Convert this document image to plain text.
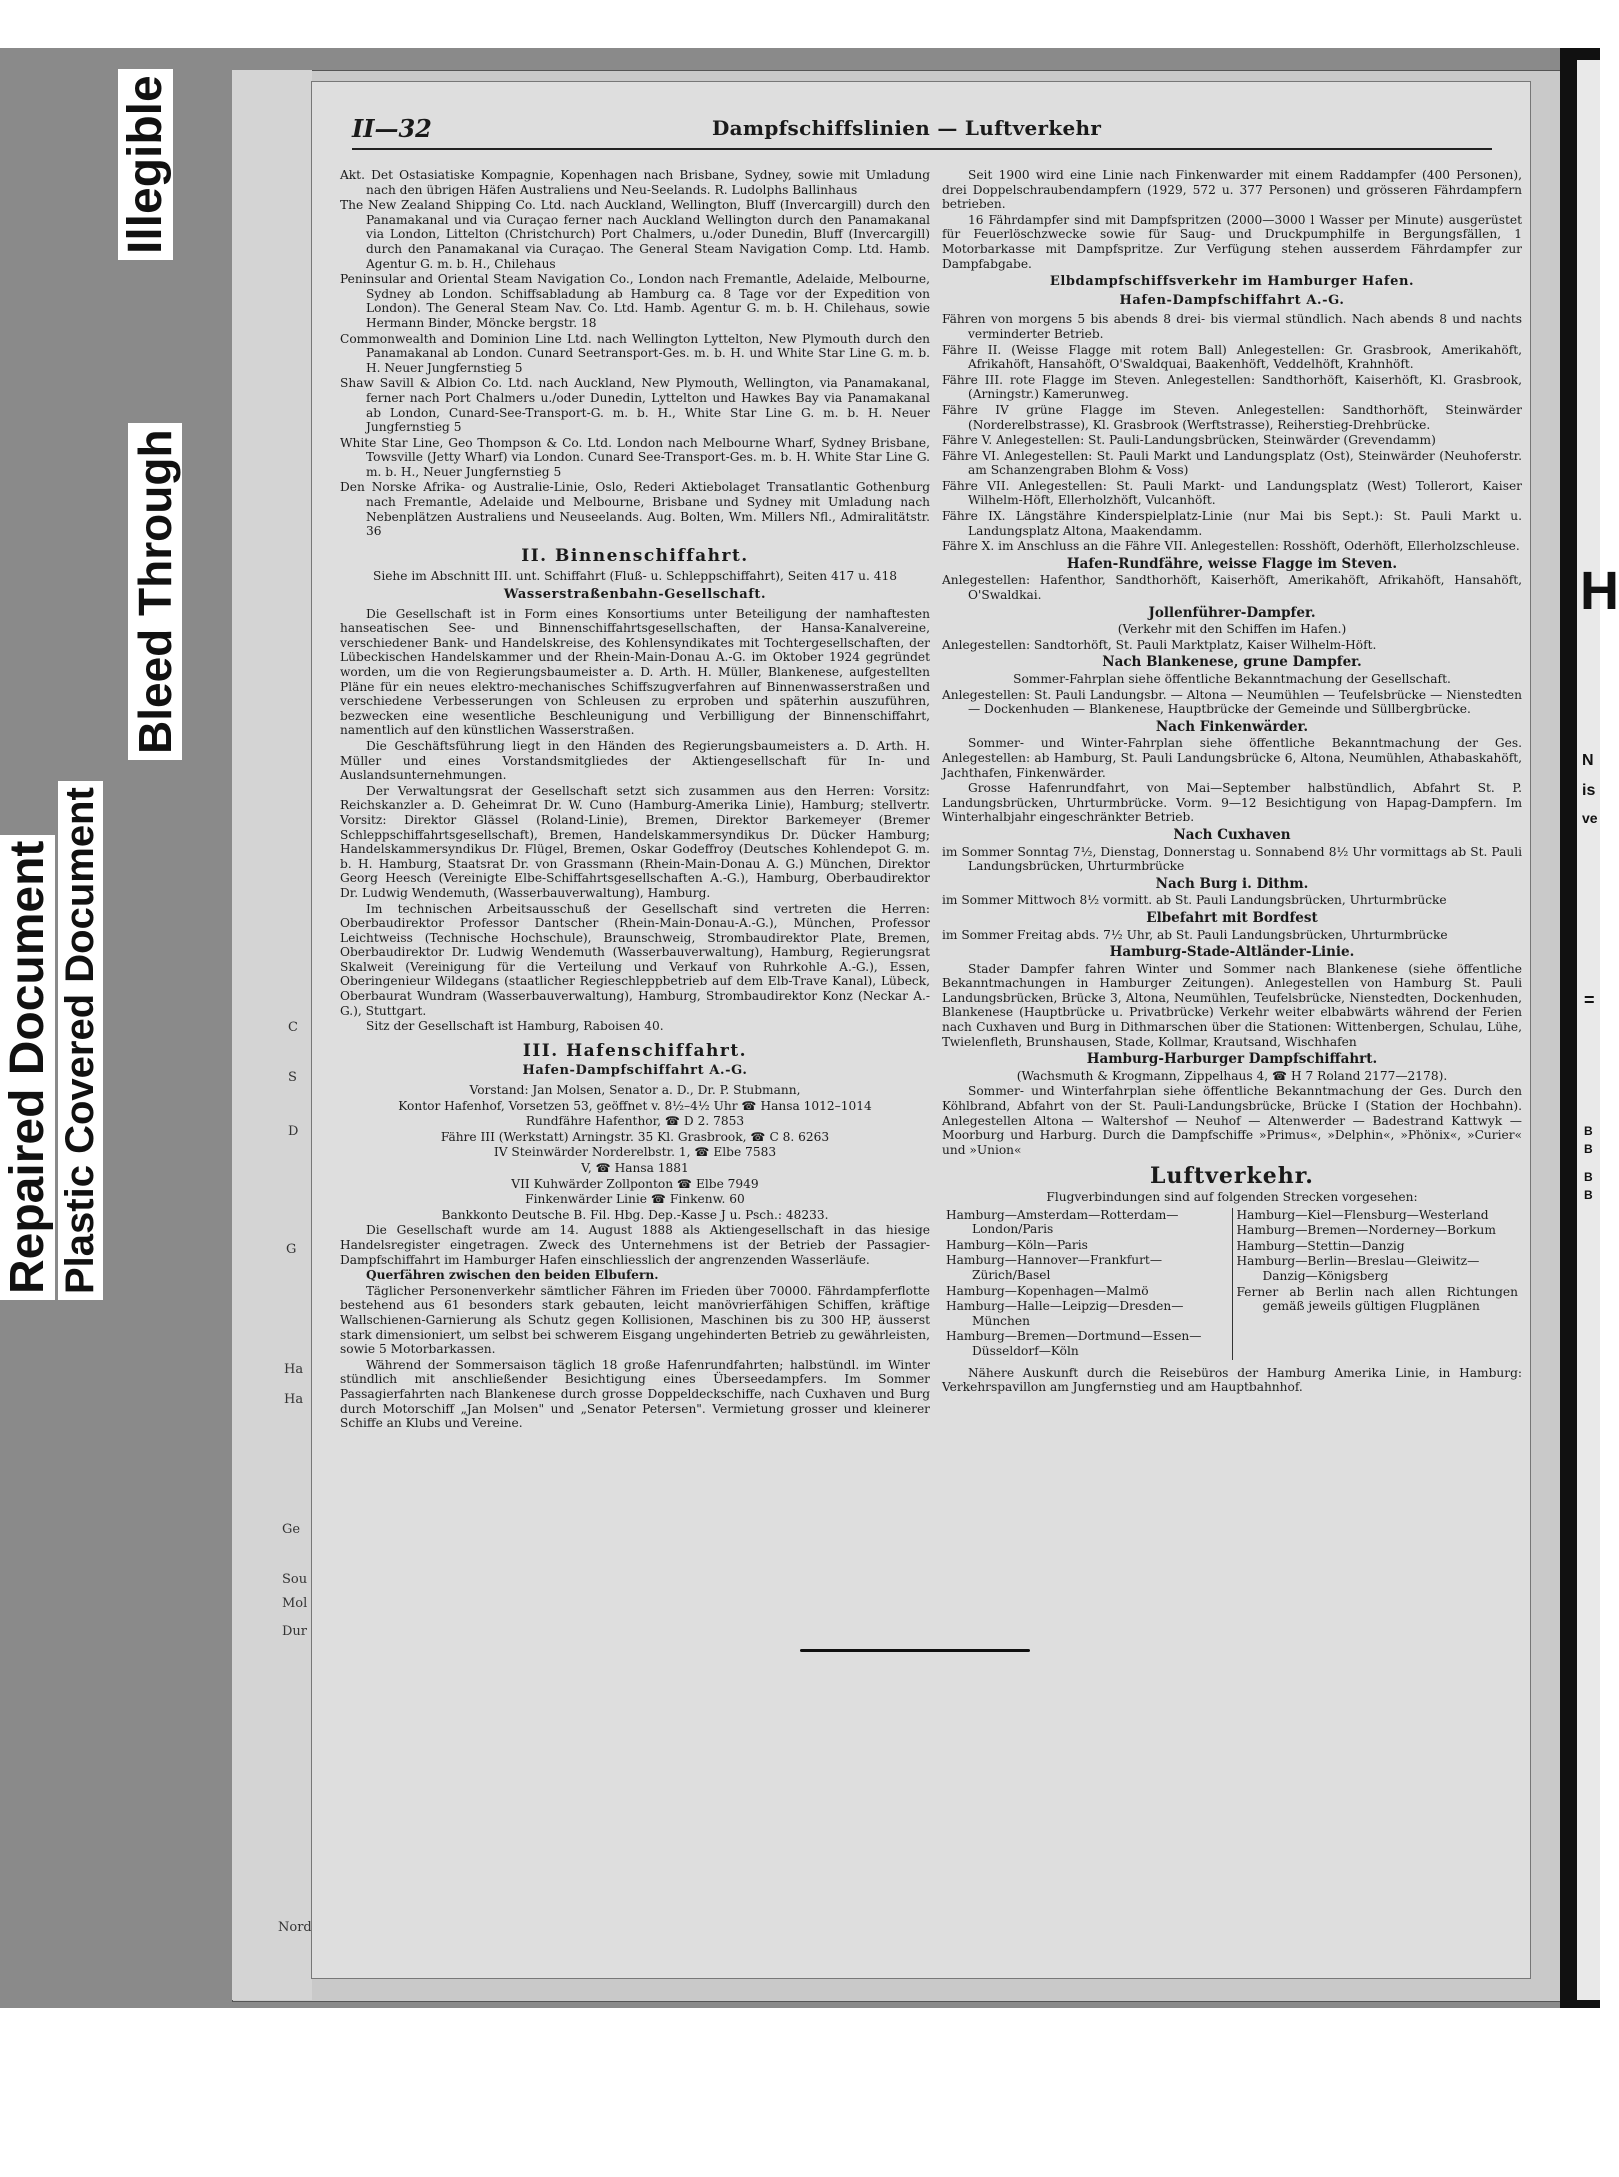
C
S
D
G
Ha
Ha
Ge
Sou
Mol
Dur
Nord
H
N
is
ve
=
B
B
B
B
Illegible
Bleed Through
Repaired Document Plastic Covered Document
II—32	Dampfschiffslinien — Luftverkehr

Akt. Det Ostasiatiske Kompagnie, Kopenhagen nach Brisbane, Sydney, sowie mit Umladung nach den übrigen Häfen Australiens und Neu-Seelands. R. Ludolphs Ballinhaus

The New Zealand Shipping Co. Ltd. nach Auckland, Wellington, Bluff (Invercargill) durch den Panamakanal und via Curaçao ferner nach Auckland Wellington durch den Panamakanal via London, Littelton (Christchurch) Port Chalmers, u./oder Dunedin, Bluff (Invercargill) durch den Panamakanal via Curaçao. The General Steam Navigation Comp. Ltd. Hamb. Agentur G. m. b. H., Chilehaus

Peninsular and Oriental Steam Navigation Co., London nach Fremantle, Adelaide, Melbourne, Sydney ab London. Schiffsabladung ab Hamburg ca. 8 Tage vor der Expedition von London). The General Steam Nav. Co. Ltd. Hamb. Agentur G. m. b. H. Chilehaus, sowie Hermann Binder, Möncke bergstr. 18

Commonwealth and Dominion Line Ltd. nach Wellington Lyttelton, New Plymouth durch den Panamakanal ab London. Cunard Seetransport-Ges. m. b. H. und White Star Line G. m. b. H. Neuer Jungfernstieg 5

Shaw Savill & Albion Co. Ltd. nach Auckland, New Plymouth, Wellington, via Panamakanal, ferner nach Port Chalmers u./oder Dunedin, Lyttelton und Hawkes Bay via Panamakanal ab London, Cunard-See-Transport-G. m. b. H., White Star Line G. m. b. H. Neuer Jungfernstieg 5

White Star Line, Geo Thompson & Co. Ltd. London nach Melbourne Wharf, Sydney Brisbane, Towsville (Jetty Wharf) via London. Cunard See-Transport-Ges. m. b. H. White Star Line G. m. b. H., Neuer Jungfernstieg 5

Den Norske Afrika- og Australie-Linie, Oslo, Rederi Aktiebolaget Transatlantic Gothenburg nach Fremantle, Adelaide und Melbourne, Brisbane und Sydney mit Umladung nach Nebenplätzen Australiens und Neuseelands. Aug. Bolten, Wm. Millers Nfl., Admiralitätstr. 36

II. Binnenschiffahrt.

Siehe im Abschnitt III. unt. Schiffahrt (Fluß- u. Schleppschiffahrt), Seiten 417 u. 418

Wasserstraßenbahn-Gesellschaft.

Die Gesellschaft ist in Form eines Konsortiums unter Beteiligung der namhaftesten hanseatischen See- und Binnenschiffahrtsgesellschaften, der Hansa-Kanalvereine, verschiedener Bank- und Handelskreise, des Kohlensyndikates mit Tochtergesellschaften, der Lübeckischen Handelskammer und der Rhein-Main-Donau A.-G. im Oktober 1924 gegründet worden, um die von Regierungsbaumeister a. D. Arth. H. Müller, Blankenese, aufgestellten Pläne für ein neues elektro-mechanisches Schiffszugverfahren auf Binnenwasserstraßen und verschiedene Verbesserungen von Schleusen zu erproben und späterhin auszuführen, bezwecken eine wesentliche Beschleunigung und Verbilligung der Binnenschiffahrt, namentlich auf den künstlichen Wasserstraßen.

Die Geschäftsführung liegt in den Händen des Regierungsbaumeisters a. D. Arth. H. Müller und eines Vorstandsmitgliedes der Aktiengesellschaft für In- und Auslandsunternehmungen.

Der Verwaltungsrat der Gesellschaft setzt sich zusammen aus den Herren: Vorsitz: Reichskanzler a. D. Geheimrat Dr. W. Cuno (Hamburg-Amerika Linie), Hamburg; stellvertr. Vorsitz: Direktor Glässel (Roland-Linie), Bremen, Direktor Barkemeyer (Bremer Schleppschiffahrtsgesellschaft), Bremen, Handelskammersyndikus Dr. Dücker Hamburg; Handelskammersyndikus Dr. Flügel, Bremen, Oskar Godeffroy (Deutsches Kohlendepot G. m. b. H. Hamburg, Staatsrat Dr. von Grassmann (Rhein-Main-Donau A. G.) München, Direktor Georg Heesch (Vereinigte Elbe-Schiffahrtsgesellschaften A.-G.), Hamburg, Oberbaudirektor Dr. Ludwig Wendemuth, (Wasserbauverwaltung), Hamburg.

Im technischen Arbeitsausschuß der Gesellschaft sind vertreten die Herren: Oberbaudirektor Professor Dantscher (Rhein-Main-Donau-A.-G.), München, Professor Leichtweiss (Technische Hochschule), Braunschweig, Strombaudirektor Plate, Bremen, Oberbaudirektor Dr. Ludwig Wendemuth (Wasserbauverwaltung), Hamburg, Regierungsrat Skalweit (Vereinigung für die Verteilung und Verkauf von Ruhrkohle A.-G.), Essen, Oberingenieur Wildegans (staatlicher Regieschleppbetrieb auf dem Elb-Trave Kanal), Lübeck, Oberbaurat Wundram (Wasserbauverwaltung), Hamburg, Strombaudirektor Konz (Neckar A.-G.), Stuttgart.

Sitz der Gesellschaft ist Hamburg, Raboisen 40.

III. Hafenschiffahrt.
Hafen-Dampfschiffahrt A.-G.

Vorstand: Jan Molsen, Senator a. D., Dr. P. Stubmann,

Kontor Hafenhof, Vorsetzen 53, geöffnet v. 8½–4½ Uhr ☎ Hansa 1012–1014

Rundfähre Hafenthor, ☎ D 2. 7853

Fähre III (Werkstatt) Arningstr. 35 Kl. Grasbrook, ☎ C 8. 6263

IV Steinwärder Norderelbstr. 1, ☎ Elbe 7583

V, ☎ Hansa 1881

VII Kuhwärder Zollponton ☎ Elbe 7949

Finkenwärder Linie ☎ Finkenw. 60

Bankkonto Deutsche B. Fil. Hbg. Dep.-Kasse J u. Psch.: 48233.

Die Gesellschaft wurde am 14. August 1888 als Aktiengesellschaft in das hiesige Handelsregister eingetragen. Zweck des Unternehmens ist der Betrieb der Passagier-Dampfschiffahrt im Hamburger Hafen einschliesslich der angrenzenden Wasserläufe.

Querfähren zwischen den beiden Elbufern.

Täglicher Personenverkehr sämtlicher Fähren im Frieden über 70000. Fährdampferflotte bestehend aus 61 besonders stark gebauten, leicht manövrierfähigen Schiffen, kräftige Wallschienen-Garnierung als Schutz gegen Kollisionen, Maschinen bis zu 300 HP, äusserst stark dimensioniert, um selbst bei schwerem Eisgang ungehinderten Betrieb zu gewährleisten, sowie 5 Motorbarkassen.

Während der Sommersaison täglich 18 große Hafenrundfahrten; halbstündl. im Winter stündlich mit anschließender Besichtigung eines Überseedampfers. Im Sommer Passagierfahrten nach Blankenese durch grosse Doppeldeckschiffe, nach Cuxhaven und Burg durch Motorschiff „Jan Molsen" und „Senator Petersen". Vermietung grosser und kleinerer Schiffe an Klubs und Vereine.

Seit 1900 wird eine Linie nach Finkenwarder mit einem Raddampfer (400 Personen), drei Doppelschraubendampfern (1929, 572 u. 377 Personen) und grösseren Fährdampfern betrieben.

16 Fährdampfer sind mit Dampfspritzen (2000—3000 l Wasser per Minute) ausgerüstet für Feuerlöschzwecke sowie für Saug- und Druckpumphilfe in Bergungsfällen, 1 Motorbarkasse mit Dampfspritze. Zur Verfügung stehen ausserdem Fährdampfer zur Dampfabgabe.

Elbdampfschiffsverkehr im Hamburger Hafen.
Hafen-Dampfschiffahrt A.-G.

Fähren von morgens 5 bis abends 8 drei- bis viermal stündlich. Nach abends 8 und nachts verminderter Betrieb.

Fähre II. (Weisse Flagge mit rotem Ball) Anlegestellen: Gr. Grasbrook, Amerikahöft, Afrikahöft, Hansahöft, O'Swaldquai, Baakenhöft, Veddelhöft, Krahnhöft.

Fähre III. rote Flagge im Steven. Anlegestellen: Sandthorhöft, Kaiserhöft, Kl. Grasbrook, (Arningstr.) Kamerunweg.

Fähre IV grüne Flagge im Steven. Anlegestellen: Sandthorhöft, Steinwärder (Norderelbstrasse), Kl. Grasbrook (Werftstrasse), Reiherstieg-Drehbrücke.

Fähre V. Anlegestellen: St. Pauli-Landungsbrücken, Steinwärder (Grevendamm)

Fähre VI. Anlegestellen: St. Pauli Markt und Landungsplatz (Ost), Steinwärder (Neuhoferstr. am Schanzengraben Blohm & Voss)

Fähre VII. Anlegestellen: St. Pauli Markt- und Landungsplatz (West) Tollerort, Kaiser Wilhelm-Höft, Ellerholzhöft, Vulcanhöft.

Fähre IX. Längstähre Kinderspielplatz-Linie (nur Mai bis Sept.): St. Pauli Markt u. Landungsplatz Altona, Maakendamm.

Fähre X. im Anschluss an die Fähre VII. Anlegestellen: Rosshöft, Oderhöft, Ellerholzschleuse.

Hafen-Rundfähre, weisse Flagge im Steven.

Anlegestellen: Hafenthor, Sandthorhöft, Kaiserhöft, Amerikahöft, Afrikahöft, Hansahöft, O'Swaldkai.

Jollenführer-Dampfer.

(Verkehr mit den Schiffen im Hafen.)

Anlegestellen: Sandtorhöft, St. Pauli Marktplatz, Kaiser Wilhelm-Höft.

Nach Blankenese, grune Dampfer.

Sommer-Fahrplan siehe öffentliche Bekanntmachung der Gesellschaft.

Anlegestellen: St. Pauli Landungsbr. — Altona — Neumühlen — Teufelsbrücke — Nienstedten — Dockenhuden — Blankenese, Hauptbrücke der Gemeinde und Süllbergbrücke.

Nach Finkenwärder.

Sommer- und Winter-Fahrplan siehe öffentliche Bekanntmachung der Ges. Anlegestellen: ab Hamburg, St. Pauli Landungsbrücke 6, Altona, Neumühlen, Athabaskahöft, Jachthafen, Finkenwärder.

Grosse Hafenrundfahrt, von Mai—September halbstündlich, Abfahrt St. P. Landungsbrücken, Uhrturmbrücke. Vorm. 9—12 Besichtigung von Hapag-Dampfern. Im Winterhalbjahr eingeschränkter Betrieb.

Nach Cuxhaven

im Sommer Sonntag 7½, Dienstag, Donnerstag u. Sonnabend 8½ Uhr vormittags ab St. Pauli Landungsbrücken, Uhrturmbrücke

Nach Burg i. Dithm.

im Sommer Mittwoch 8½ vormitt. ab St. Pauli Landungsbrücken, Uhrturmbrücke

Elbefahrt mit Bordfest

im Sommer Freitag abds. 7½ Uhr, ab St. Pauli Landungsbrücken, Uhrturmbrücke

Hamburg-Stade-Altländer-Linie.

Stader Dampfer fahren Winter und Sommer nach Blankenese (siehe öffentliche Bekanntmachungen in Hamburger Zeitungen). Anlegestellen von Hamburg St. Pauli Landungsbrücken, Brücke 3, Altona, Neumühlen, Teufelsbrücke, Nienstedten, Dockenhuden, Blankenese (Hauptbrücke u. Privatbrücke) Verkehr weiter elbabwärts während der Ferien nach Cuxhaven und Burg in Dithmarschen über die Stationen: Wittenbergen, Schulau, Lühe, Twielenfleth, Brunshausen, Stade, Kollmar, Krautsand, Wischhafen

Hamburg-Harburger Dampfschiffahrt.

(Wachsmuth & Krogmann, Zippelhaus 4, ☎ H 7 Roland 2177—2178).

Sommer- und Winterfahrplan siehe öffentliche Bekanntmachung der Ges. Durch den Köhlbrand, Abfahrt von der St. Pauli-Landungsbrücke, Brücke I (Station der Hochbahn). Anlegestellen Altona — Waltershof — Neuhof — Altenwerder — Badestrand Kattwyk — Moorburg und Harburg. Durch die Dampfschiffe »Primus«, »Delphin«, »Phönix«, »Curier« und »Union«

Luftverkehr.

Flugverbindungen sind auf folgenden Strecken vorgesehen:

Hamburg—Amsterdam—Rotterdam—London/Paris

Hamburg—Köln—Paris

Hamburg—Hannover—Frankfurt—Zürich/Basel

Hamburg—Kopenhagen—Malmö

Hamburg—Halle—Leipzig—Dresden—München

Hamburg—Bremen—Dortmund—Essen—Düsseldorf—Köln

Hamburg—Kiel—Flensburg—Westerland

Hamburg—Bremen—Norderney—Borkum

Hamburg—Stettin—Danzig

Hamburg—Berlin—Breslau—Gleiwitz—Danzig—Königsberg

Ferner ab Berlin nach allen Richtungen gemäß jeweils gültigen Flugplänen

Nähere Auskunft durch die Reisebüros der Hamburg Amerika Linie, in Hamburg: Verkehrspavillon am Jungfernstieg und am Hauptbahnhof.
